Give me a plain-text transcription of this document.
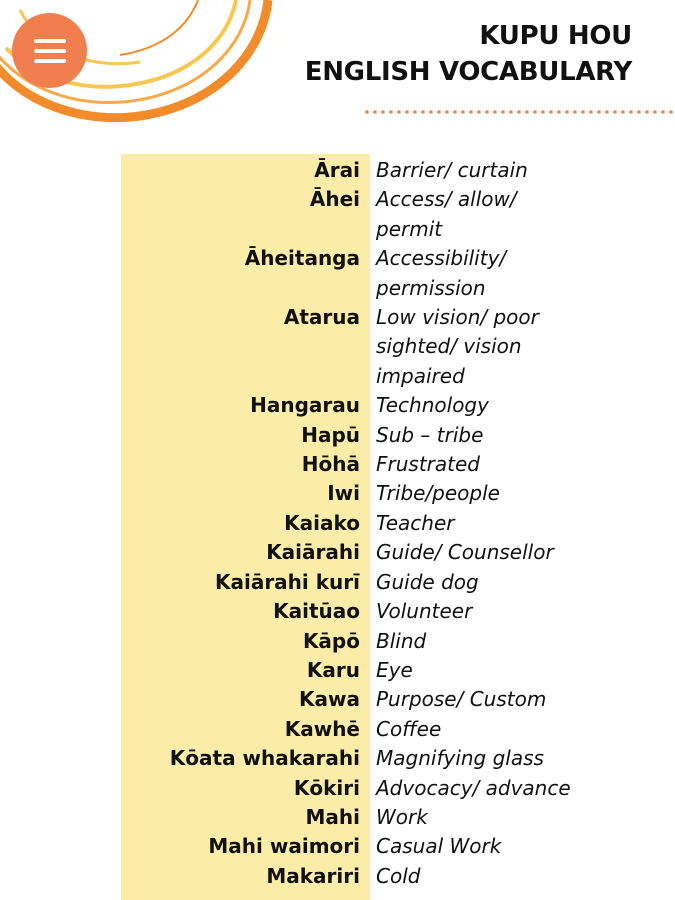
KUPU HOU
ENGLISH VOCABULARY
Ārai Barrier/ curtain
Āhei Access/ allow/
permit
Āheitanga Accessibility/
permission
Atarua Low vision/ poor
sighted/ vision
impaired
Hangarau Technology
Hapū Sub – tribe
Hōhā Frustrated
Iwi Tribe/people
Kaiako Teacher
Kaiārahi Guide/ Counsellor
Kaiārahi kurī Guide dog
Kaitūao Volunteer
Kāpō Blind
Karu Eye
Kawa Purpose/ Custom
Kawhē Coffee
Kōata whakarahi Magnifying glass
Kōkiri Advocacy/ advance
Mahi Work
Mahi waimori Casual Work
Makariri Cold
